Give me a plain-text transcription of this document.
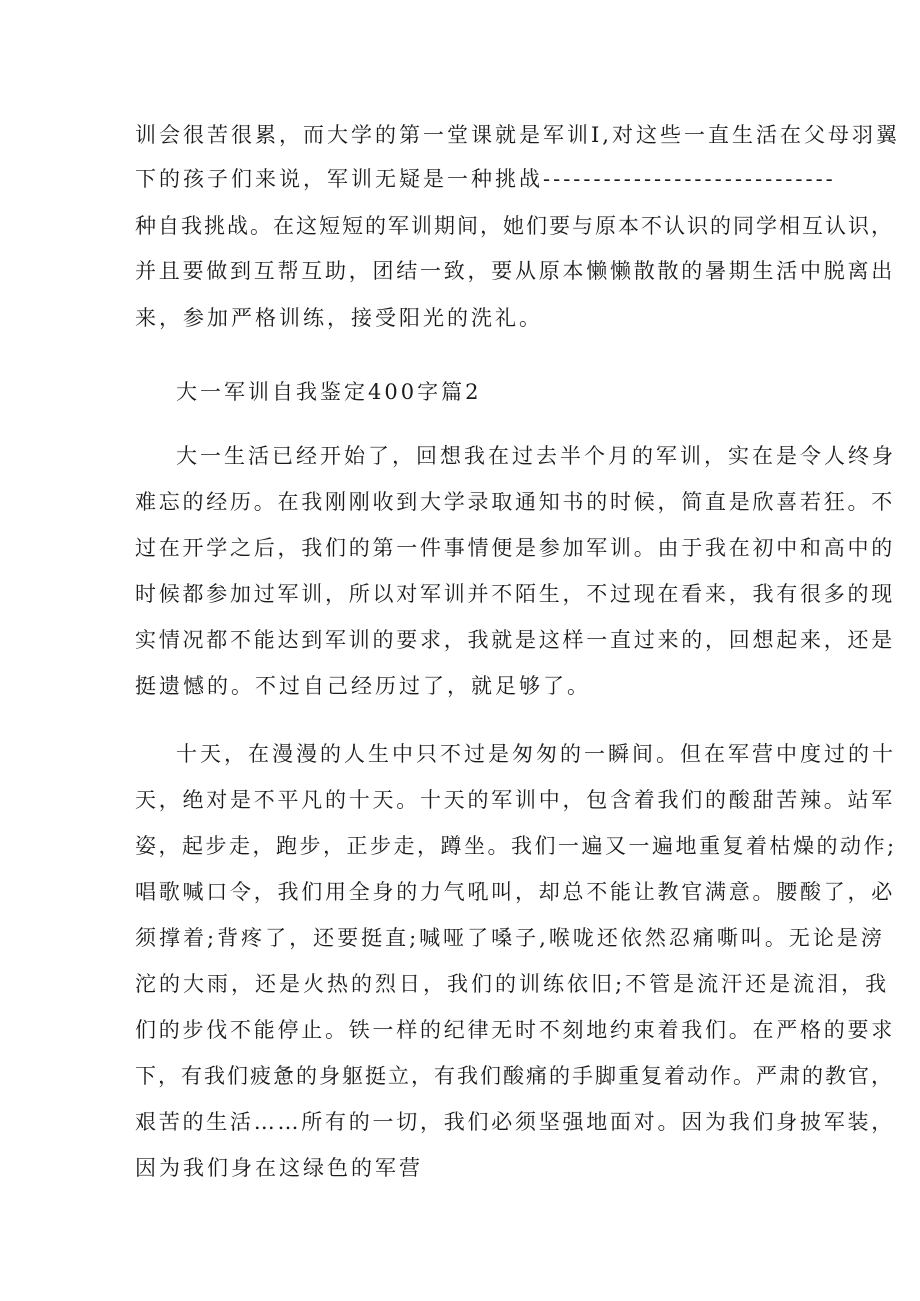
训会很苦很累，而大学的第一堂课就是军训I,对这些一直生活在父母羽翼
下的孩子们来说，军训无疑是一种挑战-----------------------------
种自我挑战。在这短短的军训期间，她们要与原本不认识的同学相互认识，
并且要做到互帮互助，团结一致，要从原本懒懒散散的暑期生活中脱离出
来，参加严格训练，接受阳光的洗礼。
大一军训自我鉴定400字篇2
大一生活已经开始了，回想我在过去半个月的军训，实在是令人终身
难忘的经历。在我刚刚收到大学录取通知书的时候，简直是欣喜若狂。不
过在开学之后，我们的第一件事情便是参加军训。由于我在初中和高中的
时候都参加过军训，所以对军训并不陌生，不过现在看来，我有很多的现
实情况都不能达到军训的要求，我就是这样一直过来的，回想起来，还是
挺遗憾的。不过自己经历过了，就足够了。
十天，在漫漫的人生中只不过是匆匆的一瞬间。但在军营中度过的十
天，绝对是不平凡的十天。十天的军训中，包含着我们的酸甜苦辣。站军
姿，起步走，跑步，正步走，蹲坐。我们一遍又一遍地重复着枯燥的动作;
唱歌喊口令，我们用全身的力气吼叫，却总不能让教官满意。腰酸了，必
须撑着;背疼了，还要挺直;喊哑了嗓子,喉咙还依然忍痛嘶叫。无论是滂
沱的大雨，还是火热的烈日，我们的训练依旧;不管是流汗还是流泪，我
们的步伐不能停止。铁一样的纪律无时不刻地约束着我们。在严格的要求
下，有我们疲惫的身躯挺立，有我们酸痛的手脚重复着动作。严肃的教官，
艰苦的生活……所有的一切，我们必须坚强地面对。因为我们身披军装，
因为我们身在这绿色的军营
